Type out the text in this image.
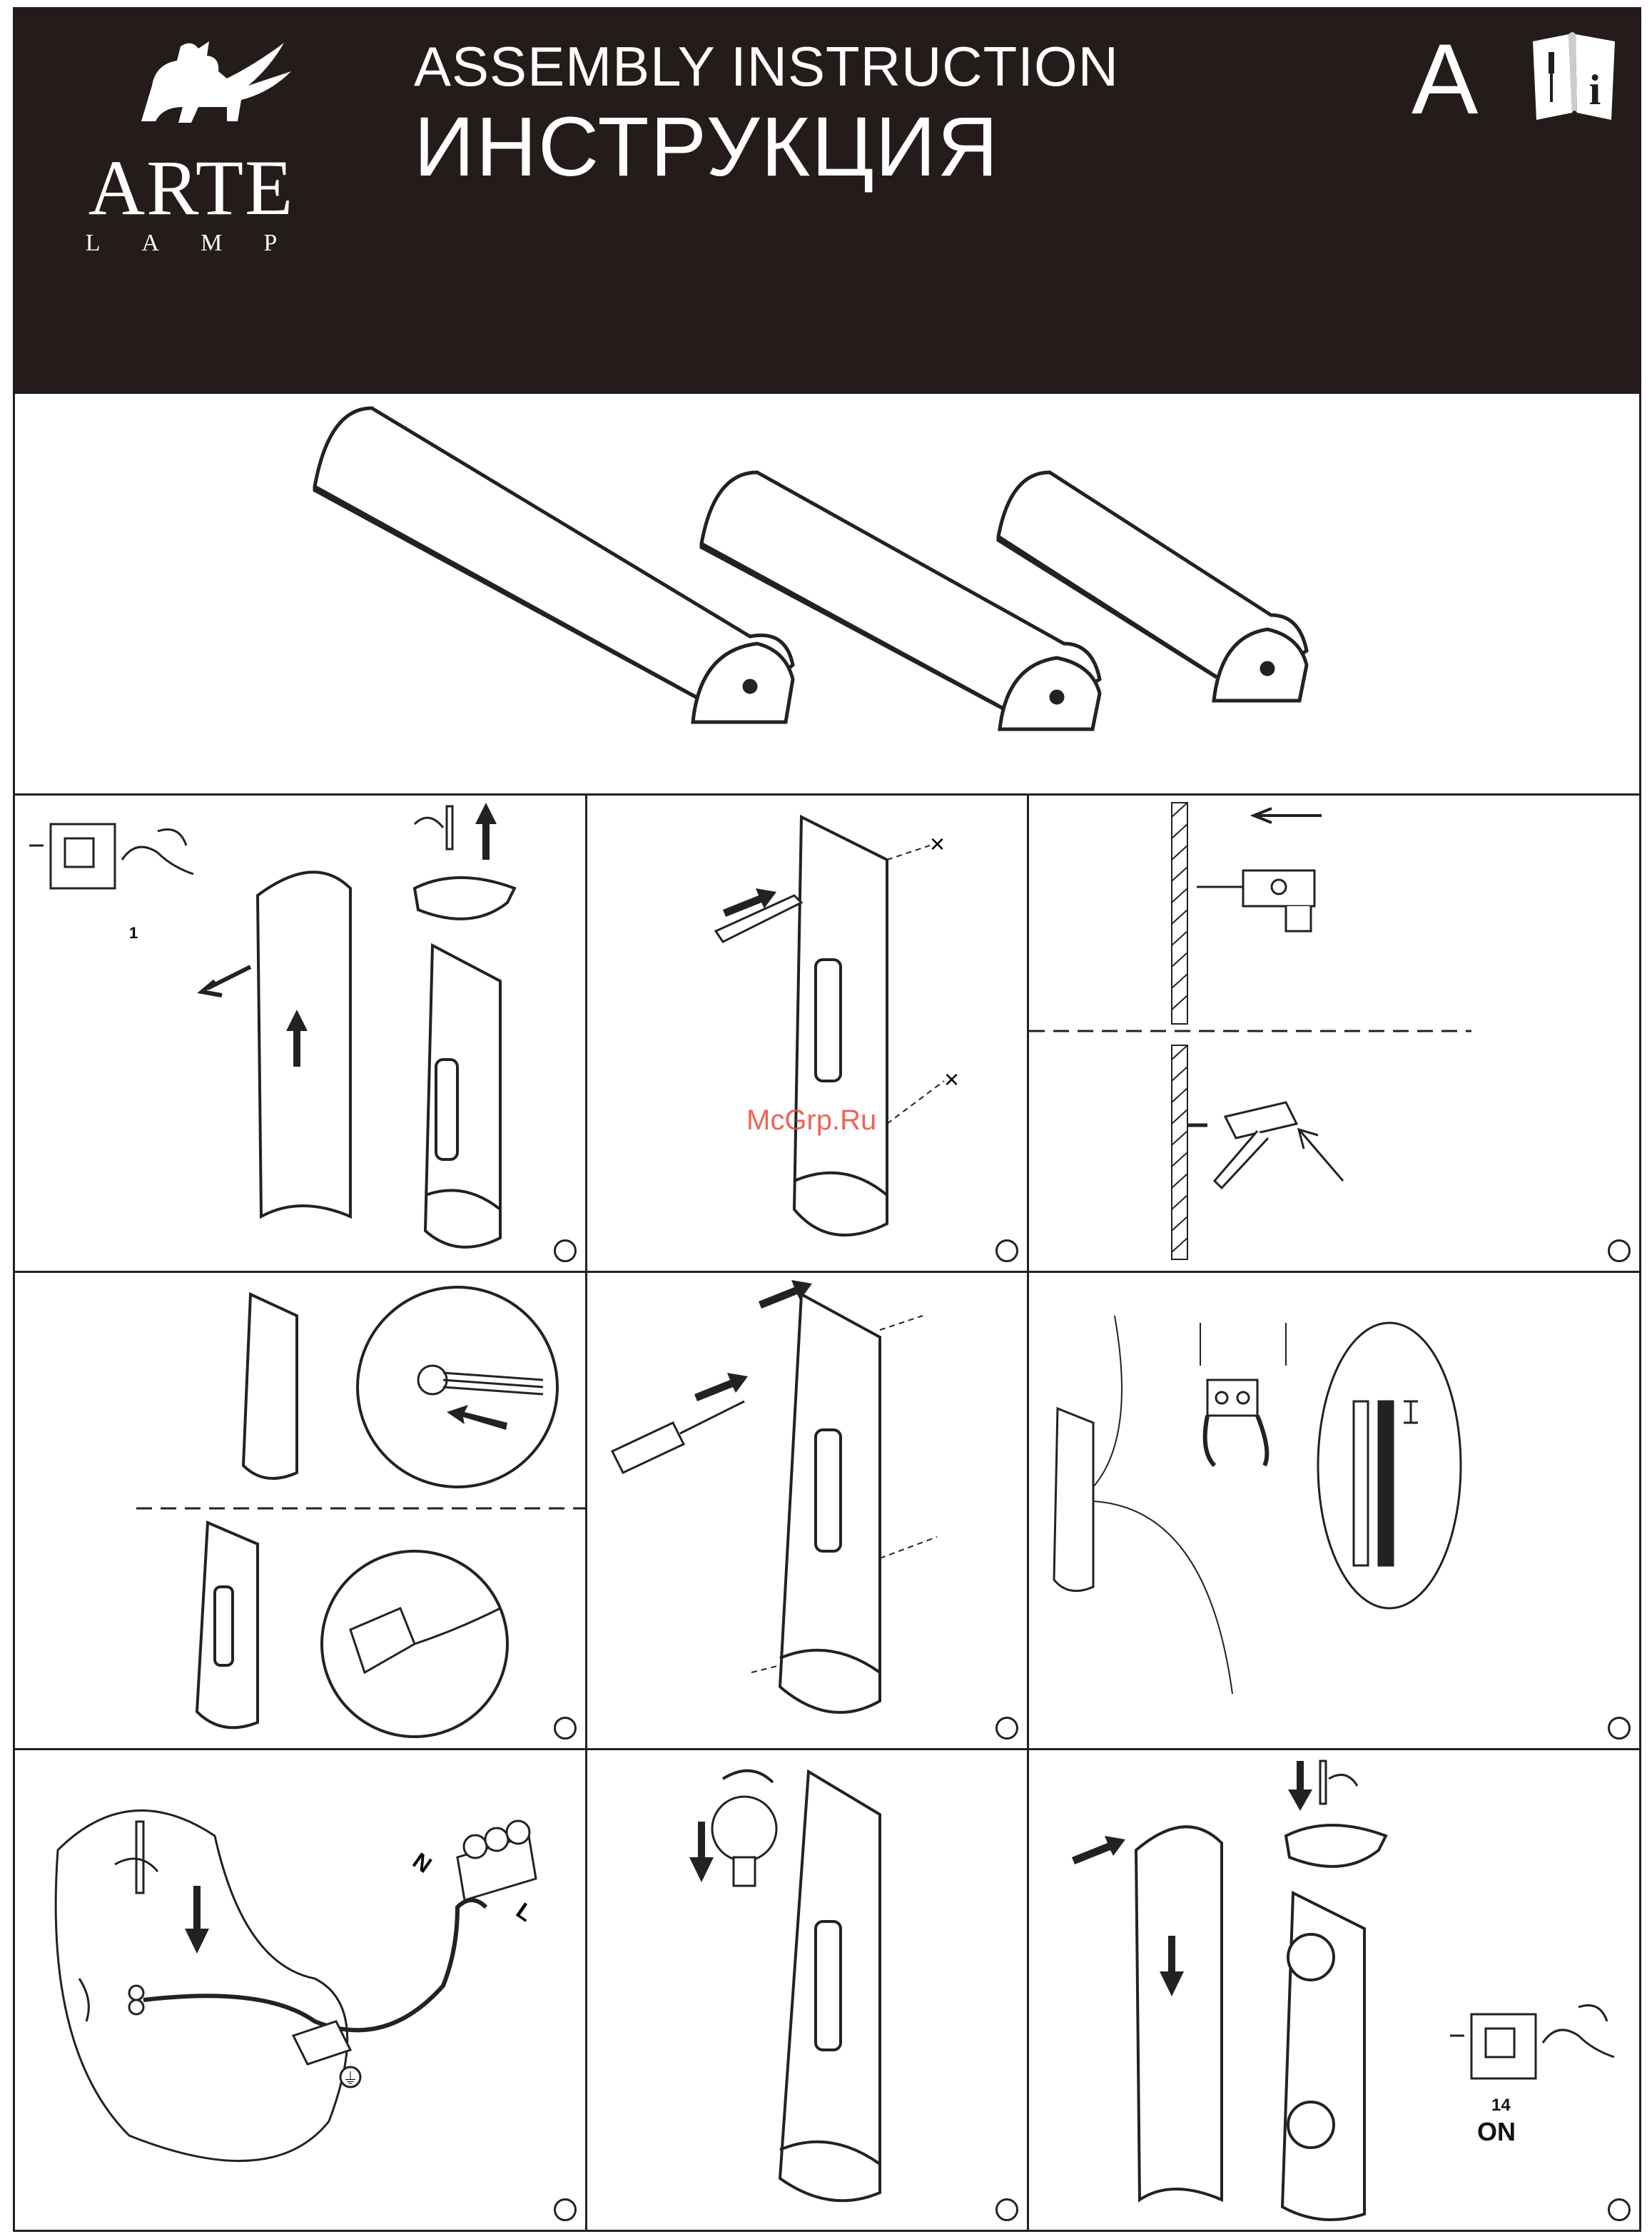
ARTE
LAMP
ASSEMBLY INSTRUCTION
ИНСТРУКЦИЯ
A	i
1
×
×
⏚
N
L
14
ON
McGrp.Ru
